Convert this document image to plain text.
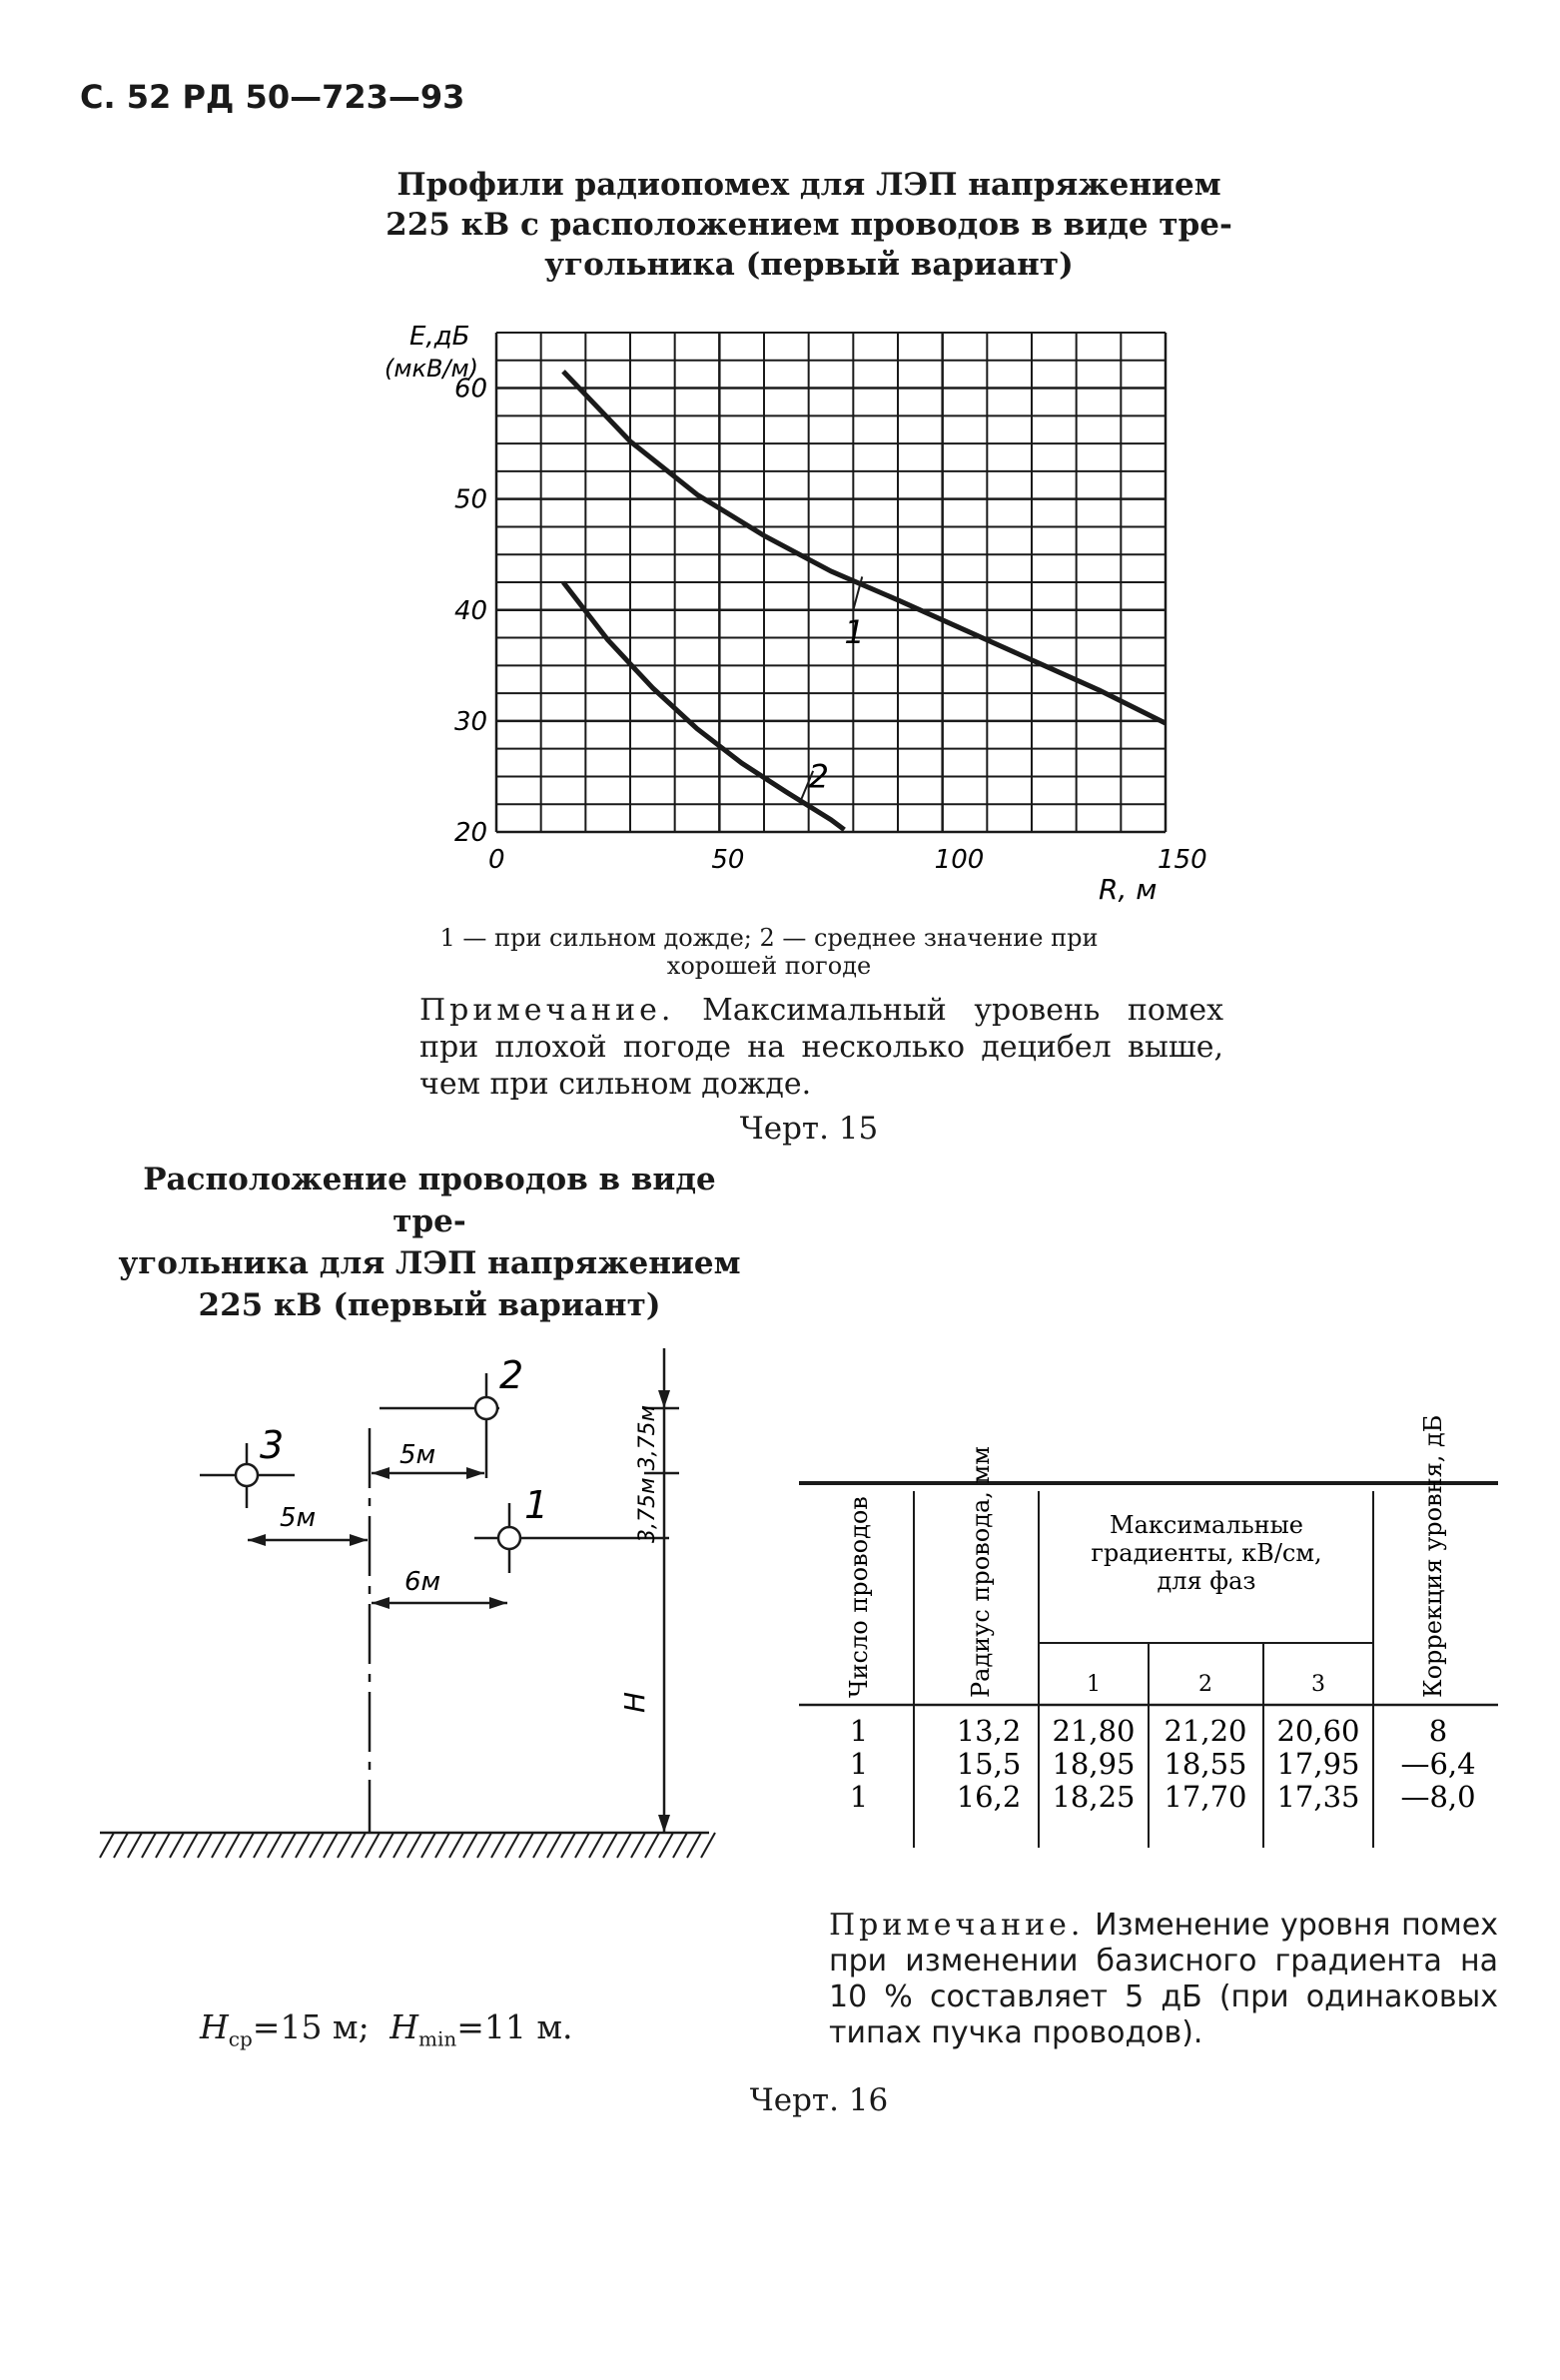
С. 52 РД 50—723—93
Профили радиопомех для ЛЭП напряжением
225 кВ с расположением проводов в виде тре-
угольника (первый вариант)
1
2
0	50	100	150
60
50
40
30
20
E,дБ
(мкВ/м)
R, м
1 — при сильном дожде; 2 — среднее значение при
хорошей погоде
Примечание. Максимальный уровень помех при плохой погоде на несколько децибел выше, чем при сильном дожде.
Черт. 15
Расположение проводов в виде тре-
угольника для ЛЭП напряжением
225 кВ (первый вариант)
3
2
1
5м
5м
6м
3,75м 3,75м
H
$H_{ср}=15$ м; $H_{min}=11$ м.
Число проводов	Радиус провода, мм	Максимальные
градиенты, кВ/см,
для фаз
1	2	3	Коррекция уровня, дБ
1	13,2 21,80 21,20 20,60 8
1	15,5 18,95 18,55 17,95 —6,4
1	16,2 18,25 17,70 17,35 —8,0
Примечание. Изменение уровня помех при изменении базисного градиента на 10 % составляет 5 дБ (при одинаковых типах пучка проводов).
Черт. 16
